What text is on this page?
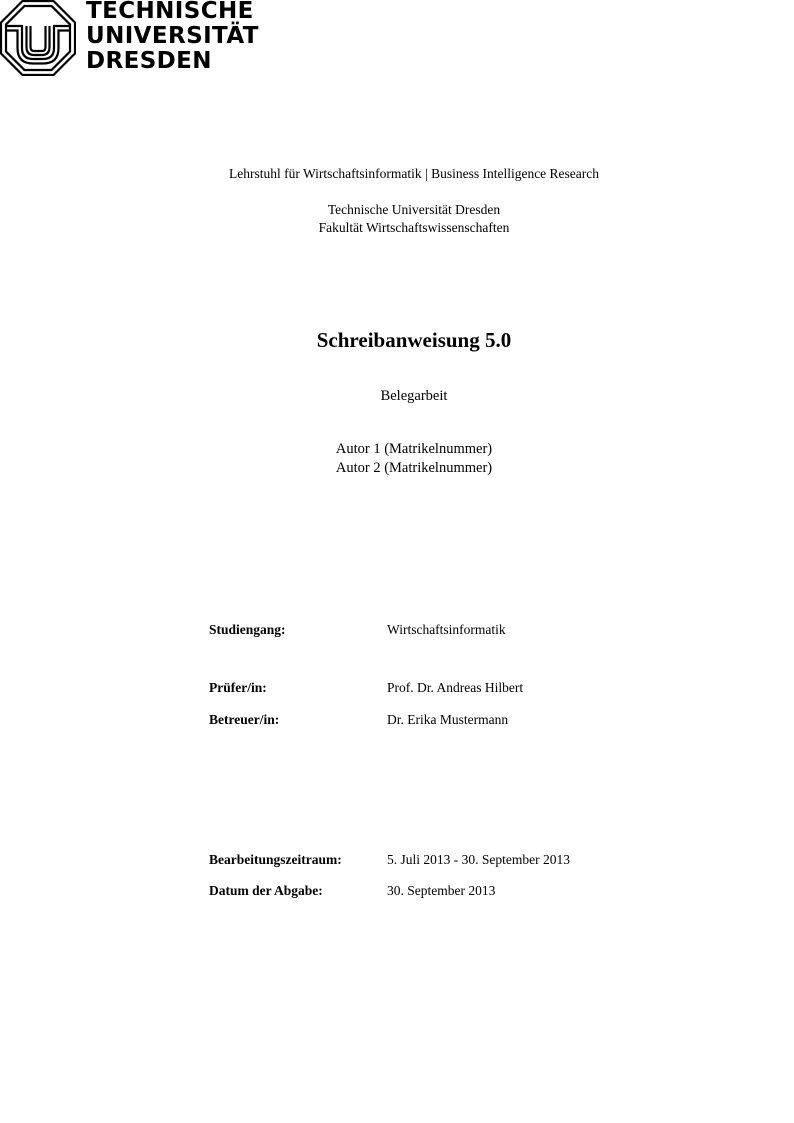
TECHNISCHE
UNIVERSITÄT
DRESDEN
Lehrstuhl für Wirtschaftsinformatik | Business Intelligence Research
Technische Universität Dresden
Fakultät Wirtschaftswissenschaften
Schreibanweisung 5.0
Belegarbeit
Autor 1 (Matrikelnummer)
Autor 2 (Matrikelnummer)
Studiengang:	Wirtschaftsinformatik
Prüfer/in:	Prof. Dr. Andreas Hilbert
Betreuer/in:	Dr. Erika Mustermann
Bearbeitungszeitraum:	5. Juli 2013 - 30. September 2013
Datum der Abgabe:	30. September 2013
